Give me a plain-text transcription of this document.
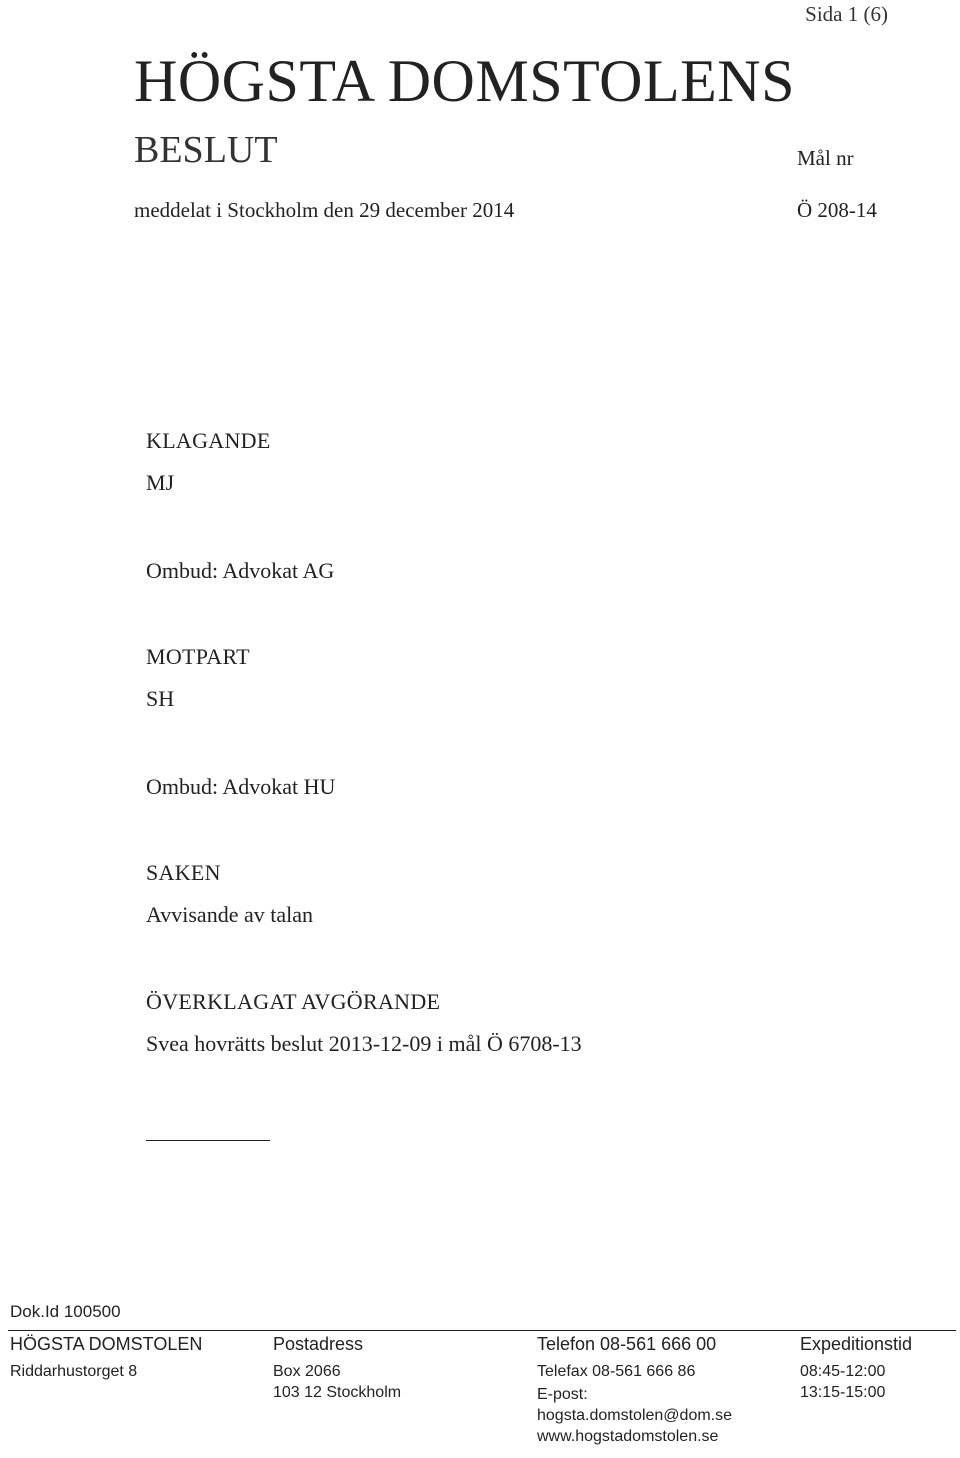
Sida 1 (6)
HÖGSTA DOMSTOLENS
BESLUT	Mål nr
meddelat i Stockholm den 29 december 2014	Ö 208-14
KLAGANDE
MJ
Ombud: Advokat AG
MOTPART
SH
Ombud: Advokat HU
SAKEN
Avvisande av talan
ÖVERKLAGAT AVGÖRANDE
Svea hovrätts beslut 2013-12-09 i mål Ö 6708-13
Dok.Id 100500
HÖGSTA DOMSTOLEN
Riddarhustorget 8
Postadress
Box 2066
103 12 Stockholm
Telefon 08-561 666 00
Telefax 08-561 666 86
E-post:
hogsta.domstolen@dom.se
www.hogstadomstolen.se
Expeditionstid
08:45-12:00
13:15-15:00
